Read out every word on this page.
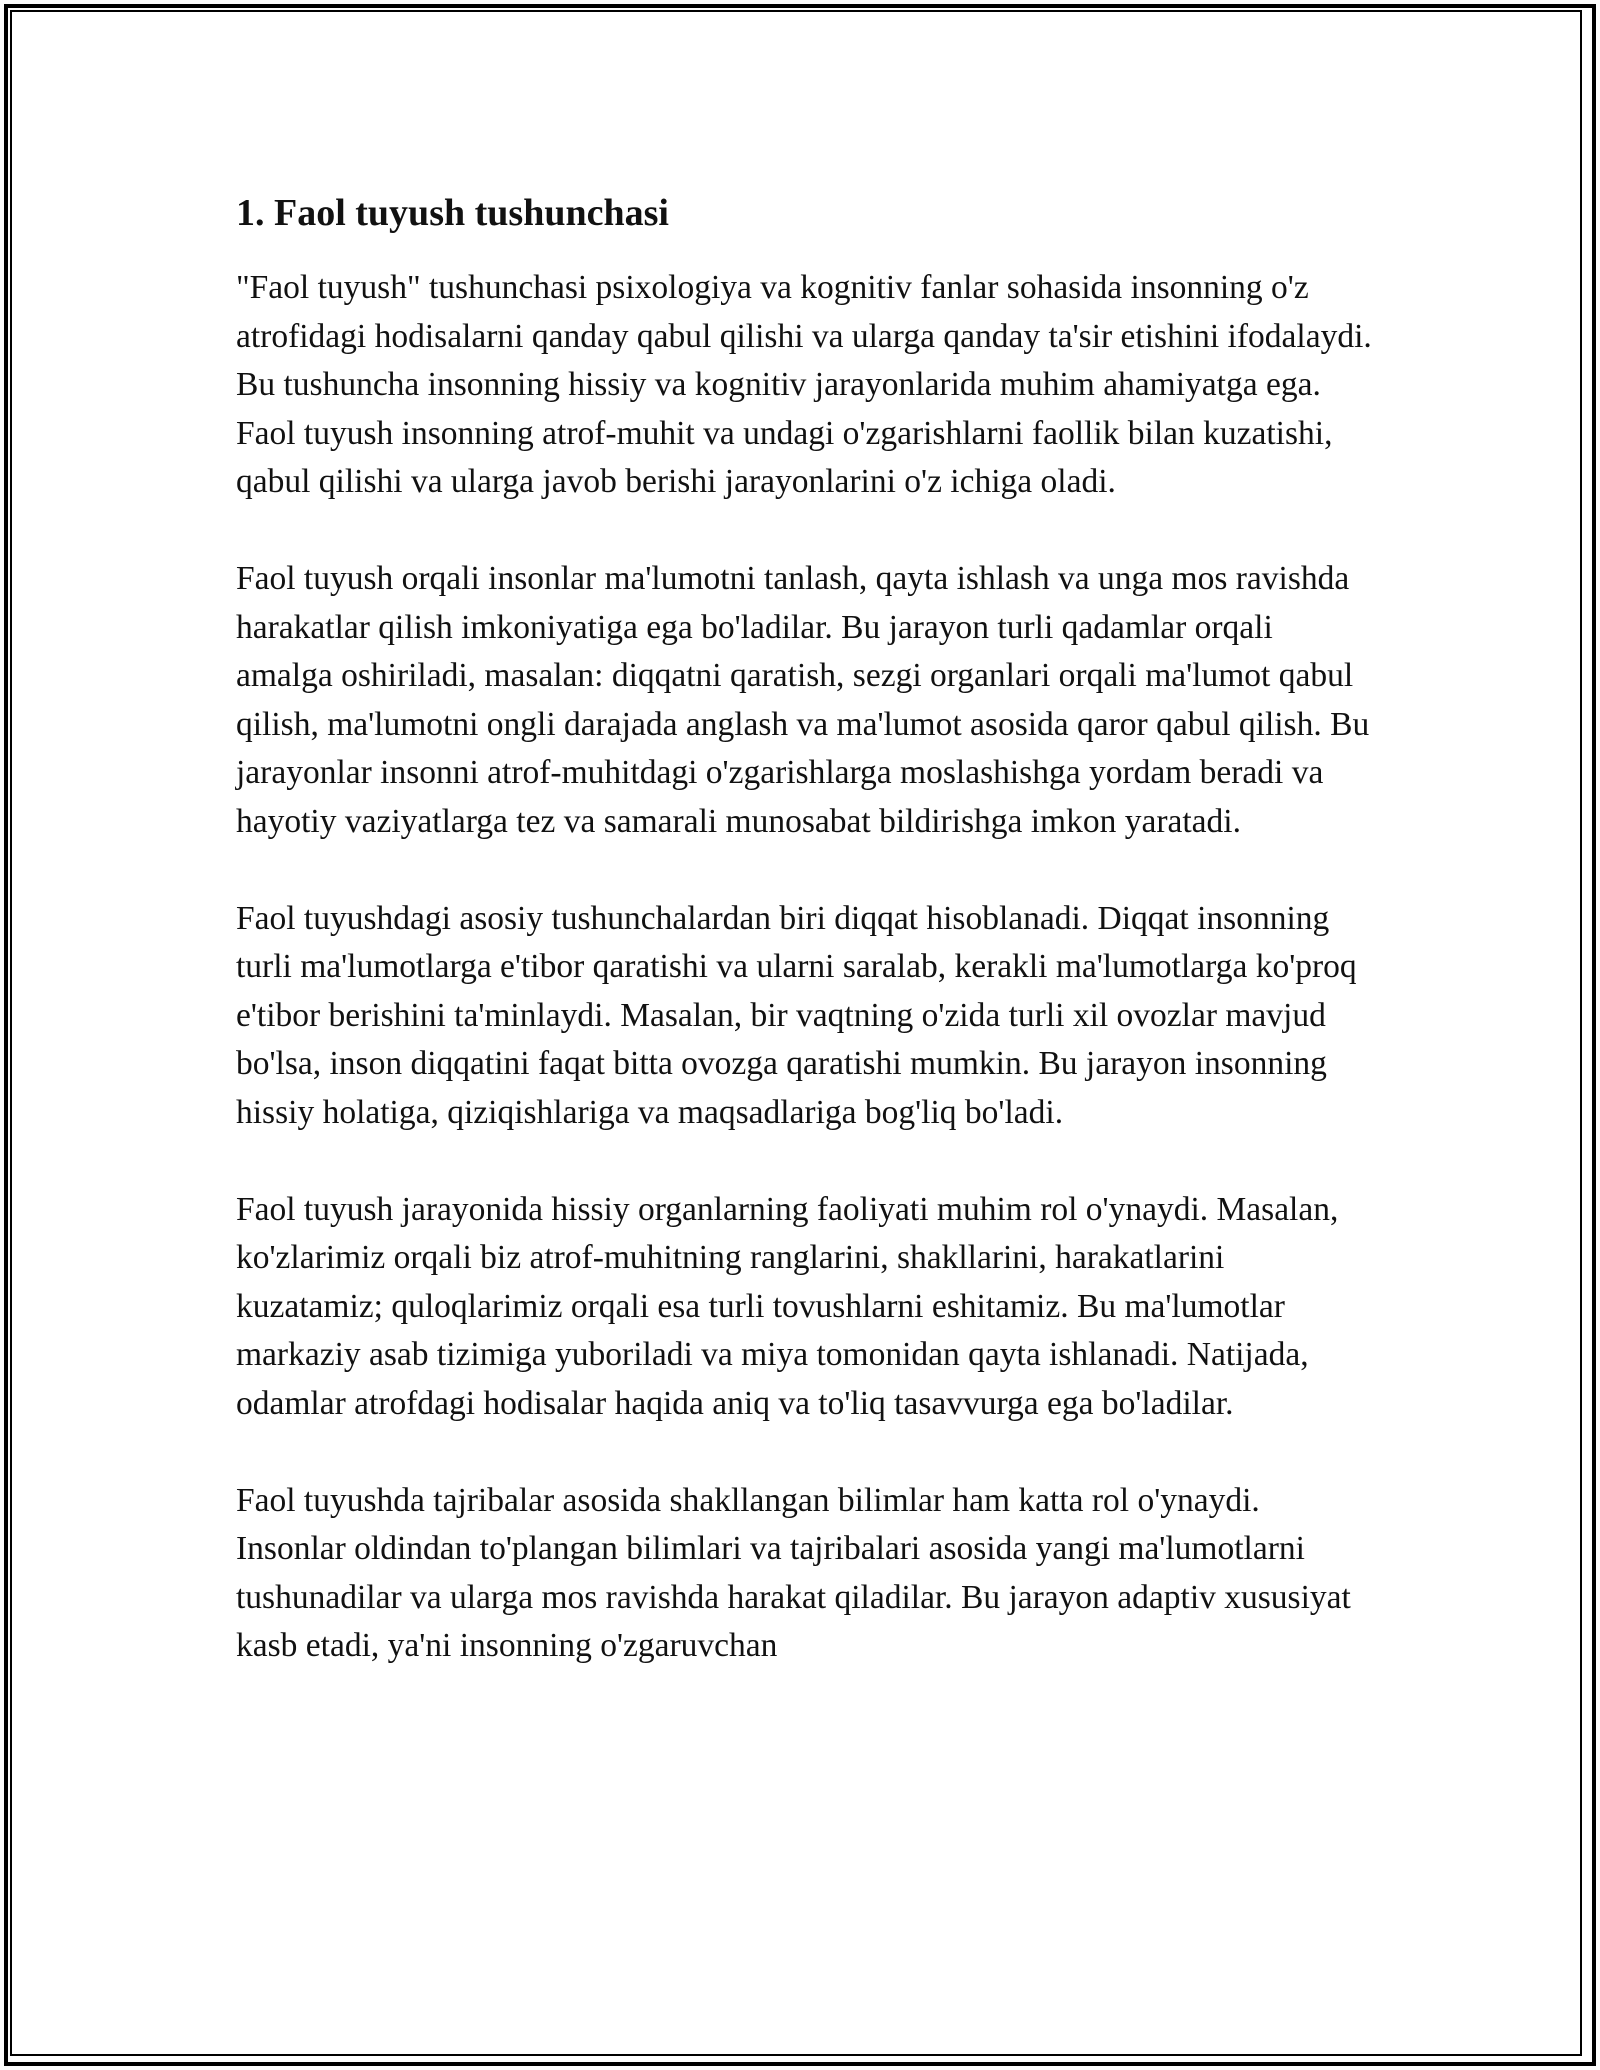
1. Faol tuyush tushunchasi

"Faol tuyush" tushunchasi psixologiya va kognitiv fanlar sohasida insonning o'z atrofidagi hodisalarni qanday qabul qilishi va ularga qanday ta'sir etishini ifodalaydi. Bu tushuncha insonning hissiy va kognitiv jarayonlarida muhim ahamiyatga ega. Faol tuyush insonning atrof-muhit va undagi o'zgarishlarni faollik bilan kuzatishi, qabul qilishi va ularga javob berishi jarayonlarini o'z ichiga oladi.

Faol tuyush orqali insonlar ma'lumotni tanlash, qayta ishlash va unga mos ravishda harakatlar qilish imkoniyatiga ega bo'ladilar. Bu jarayon turli qadamlar orqali amalga oshiriladi, masalan: diqqatni qaratish, sezgi organlari orqali ma'lumot qabul qilish, ma'lumotni ongli darajada anglash va ma'lumot asosida qaror qabul qilish. Bu jarayonlar insonni atrof-muhitdagi o'zgarishlarga moslashishga yordam beradi va hayotiy vaziyatlarga tez va samarali munosabat bildirishga imkon yaratadi.

Faol tuyushdagi asosiy tushunchalardan biri diqqat hisoblanadi. Diqqat insonning turli ma'lumotlarga e'tibor qaratishi va ularni saralab, kerakli ma'lumotlarga ko'proq e'tibor berishini ta'minlaydi. Masalan, bir vaqtning o'zida turli xil ovozlar mavjud bo'lsa, inson diqqatini faqat bitta ovozga qaratishi mumkin. Bu jarayon insonning hissiy holatiga, qiziqishlariga va maqsadlariga bog'liq bo'ladi.

Faol tuyush jarayonida hissiy organlarning faoliyati muhim rol o'ynaydi. Masalan, ko'zlarimiz orqali biz atrof-muhitning ranglarini, shakllarini, harakatlarini kuzatamiz; quloqlarimiz orqali esa turli tovushlarni eshitamiz. Bu ma'lumotlar markaziy asab tizimiga yuboriladi va miya tomonidan qayta ishlanadi. Natijada, odamlar atrofdagi hodisalar haqida aniq va to'liq tasavvurga ega bo'ladilar.

Faol tuyushda tajribalar asosida shakllangan bilimlar ham katta rol o'ynaydi. Insonlar oldindan to'plangan bilimlari va tajribalari asosida yangi ma'lumotlarni tushunadilar va ularga mos ravishda harakat qiladilar. Bu jarayon adaptiv xususiyat kasb etadi, ya'ni insonning o'zgaruvchan
